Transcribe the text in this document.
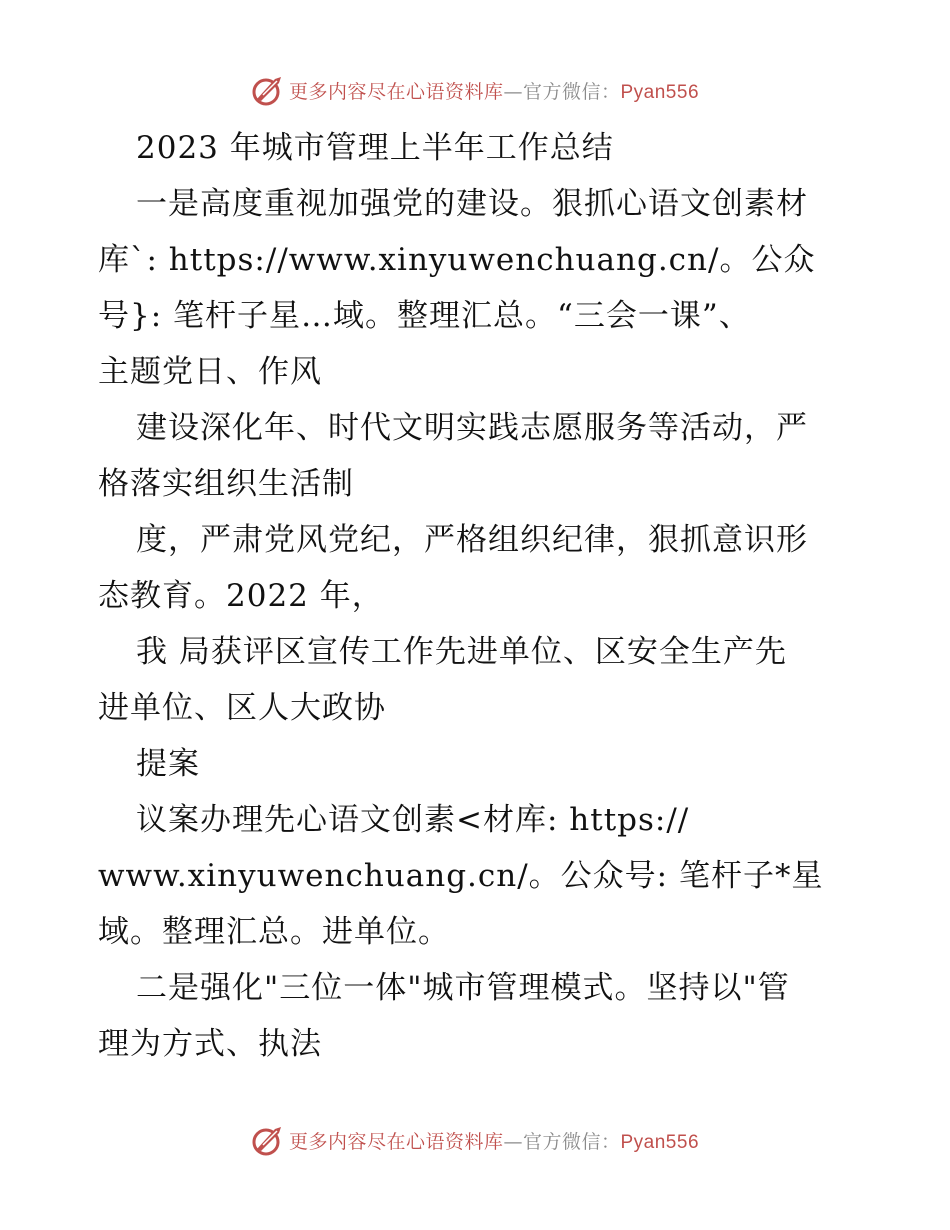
更多内容尽在心语资料库—官方微信：Pyan556
2023 年城市管理上半年工作总结
一是高度重视加强党的建设。狠抓心语文创素材
库`: https://www.xinyuwenchuang.cn/。公众
号}: 笔杆子星…域。整理汇总。“三会一课”、
主题党日、作风
建设深化年、时代文明实践志愿服务等活动，严
格落实组织生活制
度，严肃党风党纪，严格组织纪律，狠抓意识形
态教育。2022 年，
我 局获评区宣传工作先进单位、区安全生产先
进单位、区人大政协
提案
议案办理先心语文创素<材库: https://
www.xinyuwenchuang.cn/。公众号: 笔杆子*星
域。整理汇总。进单位。
二是强化"三位一体"城市管理模式。坚持以"管
理为方式、执法
更多内容尽在心语资料库—官方微信：Pyan556
